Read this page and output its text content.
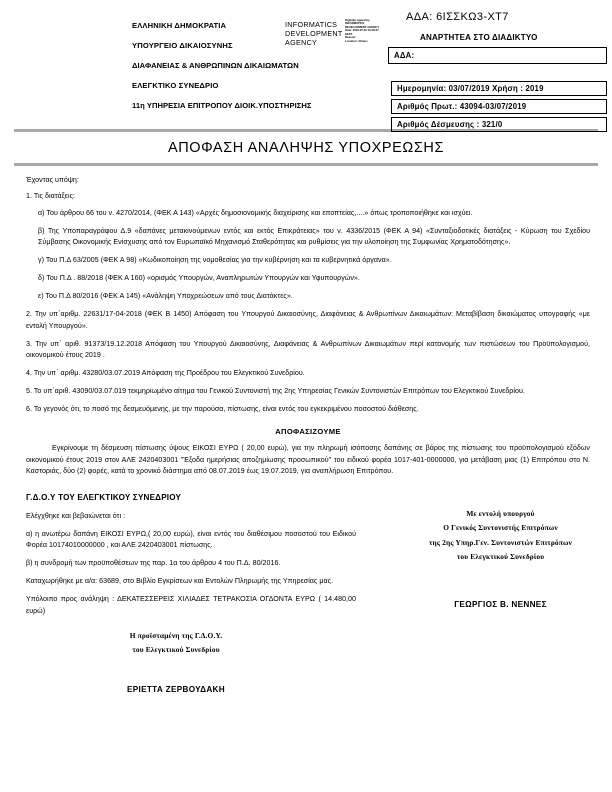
ΕΛΛΗΝΙΚΗ ΔΗΜΟΚΡΑΤΙΑ
ΥΠΟΥΡΓΕΙΟ ΔΙΚΑΙΟΣΥΝΗΣ
ΔΙΑΦΑΝΕΙΑΣ & ΑΝΘΡΩΠΙΝΩΝ ΔΙΚΑΙΩΜΑΤΩΝ
ΕΛΕΓΚΤΙΚΟ ΣΥΝΕΔΡΙΟ
11η ΥΠΗΡΕΣΙΑ ΕΠΙΤΡΟΠΟΥ ΔΙΟΙΚ.ΥΠΟΣΤΗΡΙΣΗΣ
INFORMATICS DEVELOPMENT AGENCY
Digitally signed by
INFORMATICS
DEVELOPMENT AGENCY
Date: 2019.07.03 10:18:37
EEST
Reason:
Location: Athens
ΑΔΑ: 6ΙΣΣΚΩ3-ΧΤ7
ΑΝΑΡΤΗΤΕΑ ΣΤΟ ΔΙΑΔΙΚΤΥΟ
ΑΔΑ:
Ημερομηνία: 03/07/2019 Χρήση : 2019
Αριθμός Πρωτ.: 43094-03/07/2019
Αριθμός Δέσμευσης : 321/0
ΑΠΟΦΑΣΗ ΑΝΑΛΗΨΗΣ ΥΠΟΧΡΕΩΣΗΣ
Έχοντας υπόψη:
1. Τις διατάξεις:
α) Του άρθρου 66 του ν. 4270/2014, (ΦΕΚ Α 143) «Αρχές δημοσιονομικής διαχείρισης και εποπτείας,....» όπως τροποποιήθηκε και ισχύει.
β) Της Υποπαραγράφου Δ.9 «δαπάνες μετακινούμενων εντός και εκτός Επικράτειας» του ν. 4336/2015 (ΦΕΚ Α 94) «Συνταξιοδοτικές διατάξεις - Κύρωση του Σχεδίου Σύμβασης Οικονομικής Ενίσχυσης από τον Ευρωπαϊκό Μηχανισμό Σταθερότητας και ρυθμίσεις για την υλοποίηση της Συμφωνίας Χρηματοδότησης».
γ) Του Π.Δ 63/2005 (ΦΕΚ Α 98) «Κωδικοποίηση της νομοθεσίας για την κυβέρνηση και τα κυβερνητικά όργανα».
δ) Του Π.Δ . 88/2018 (ΦΕΚ Α 160) «ορισμός Υπουργών, Αναπληρωτών Υπουργών και Υφυπουργών».
ε) Του Π.Δ 80/2016 (ΦΕΚ Α 145) «Ανάληψη Υποχρεώσεων από τους Διατάκτες».
2. Την υπ΄αριθμ. 22631/17-04-2018 (ΦΕΚ Β 1450) Απόφαση του Υπουργού Δικαιοσύνης, Διαφάνειας & Ανθρωπίνων Δικαιωμάτων: Μεταβίβαση δικαιώματος υπογραφής «με εντολή Υπουργού».
3. Την υπ΄ αριθ. 91373/19.12.2018 Απόφαση του Υπουργού Δικαιοσύνης, Διαφάνειας & Ανθρωπίνων Δικαιωμάτων περί κατανομής των πιστώσεων του Προϋπολογισμού, οικονομικού έτους 2019 .
4. Την υπ΄ αριθμ. 43280/03.07.2019 Απόφαση της Προέδρου του Ελεγκτικού Συνεδρίου.
5. Το υπ΄αριθ. 43090/03.07.019 τεκμηριωμένο αίτημα του Γενικού Συντονιστή της 2ης Υπηρεσίας Γενικών Συντονιστών Επιτρόπων του Ελεγκτικού Συνεδρίου.
6. Το γεγονός ότι, το ποσό της δεσμευόμενης, με την παρούσα, πίστωσης, είναι εντός του εγκεκριμένου ποσοστού διάθεσης.
ΑΠΟΦΑΣΙΖΟΥΜΕ
Εγκρίνουμε τη δέσμευση πίστωσης ύψους ΕΙΚΟΣΙ ΕΥΡΩ ( 20,00 ευρώ), για την πληρωμή ισόποσης δαπάνης σε βάρος της πίστωσης του προϋπολογισμού εξόδων οικονομικού έτους 2019 στον ΑΛΕ 2420403001 "Έξοδα ημερήσιας αποζημίωσης προσωπικού" του ειδικού φορέα 1017-401-0000000, για μετάβαση μιας (1) Επιτρόπου στο Ν. Καστοριάς, δύο (2) φορές, κατά το χρονικό διάστημα από 08.07.2019 έως 19.07.2019, για αναπλήρωση Επιτρόπου.
Γ.Δ.Ο.Υ ΤΟΥ ΕΛΕΓΚΤΙΚΟΥ ΣΥΝΕΔΡΙΟΥ
Ελέγχθηκε και βεβαιώνεται ότι :
α) η ανωτέρω δαπάνη ΕΙΚΟΣΙ ΕΥΡΩ,( 20,00 ευρώ), είναι εντός του διαθέσιμου ποσοστού του Ειδικού Φορέα 10174010000000 , και ΑΛΕ 2420403001 πίστωσης.
β) η συνδρομή των προϋποθέσεων της παρ. 1α του άρθρου 4 του Π.Δ. 80/2016.
Καταχωρήθηκε με α/α: 63689, στο Βιβλίο Εγκρίσεων και Εντολών Πληρωμής της Υπηρεσίας μας.
Υπόλοιπο προς ανάληψη : ΔΕΚΑΤΕΣΣΕΡΕΙΣ ΧΙΛΙΑΔΕΣ ΤΕΤΡΑΚΟΣΙΑ ΟΓΔΟΝΤΑ ΕΥΡΩ ( 14.480,00 ευρώ)
Η προϊσταμένη της Γ.Δ.Ο.Υ.
του Ελεγκτικού Συνεδρίου
ΕΡΙΕΤΤΑ ΖΕΡΒΟΥΔΑΚΗ
Με εντολή υπουργού
Ο Γενικός Συντονιστής Επιτρόπων
της 2ης Υπηρ.Γεν. Συντονιστών Επιτρόπων
του Ελεγκτικού Συνεδρίου
ΓΕΩΡΓΙΟΣ Β. ΝΕΝΝΕΣ
